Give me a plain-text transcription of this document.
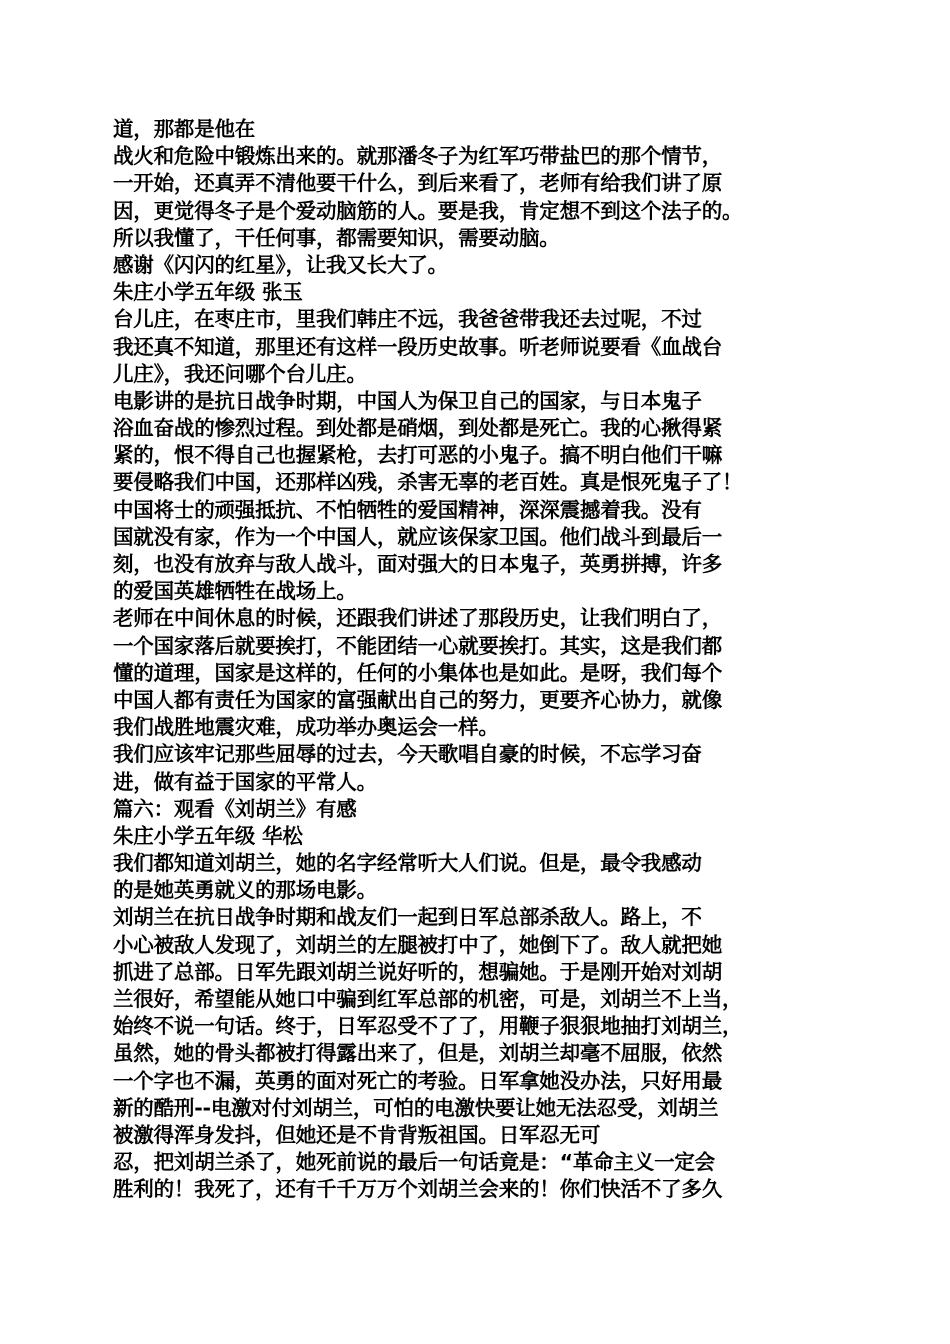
道，那都是他在
战火和危险中锻炼出来的。就那潘冬子为红军巧带盐巴的那个情节，
一开始，还真弄不清他要干什么，到后来看了，老师有给我们讲了原
因，更觉得冬子是个爱动脑筋的人。要是我，肯定想不到这个法子的。
所以我懂了，干任何事，都需要知识，需要动脑。
感谢《闪闪的红星》，让我又长大了。
朱庄小学五年级 张玉
台儿庄，在枣庄市，里我们韩庄不远，我爸爸带我还去过呢，不过
我还真不知道，那里还有这样一段历史故事。听老师说要看《血战台
儿庄》，我还问哪个台儿庄。
电影讲的是抗日战争时期，中国人为保卫自己的国家，与日本鬼子
浴血奋战的惨烈过程。到处都是硝烟，到处都是死亡。我的心揪得紧
紧的，恨不得自己也握紧枪，去打可恶的小鬼子。搞不明白他们干嘛
要侵略我们中国，还那样凶残，杀害无辜的老百姓。真是恨死鬼子了！
中国将士的顽强抵抗、不怕牺牲的爱国精神，深深震撼着我。没有
国就没有家，作为一个中国人，就应该保家卫国。他们战斗到最后一
刻，也没有放弃与敌人战斗，面对强大的日本鬼子，英勇拼搏，许多
的爱国英雄牺牲在战场上。
老师在中间休息的时候，还跟我们讲述了那段历史，让我们明白了，
一个国家落后就要挨打，不能团结一心就要挨打。其实，这是我们都
懂的道理，国家是这样的，任何的小集体也是如此。是呀，我们每个
中国人都有责任为国家的富强献出自己的努力，更要齐心协力，就像
我们战胜地震灾难，成功举办奥运会一样。
我们应该牢记那些屈辱的过去，今天歌唱自豪的时候，不忘学习奋
进，做有益于国家的平常人。
篇六：观看《刘胡兰》有感
朱庄小学五年级 华松
我们都知道刘胡兰，她的名字经常听大人们说。但是，最令我感动
的是她英勇就义的那场电影。
刘胡兰在抗日战争时期和战友们一起到日军总部杀敌人。路上，不
小心被敌人发现了，刘胡兰的左腿被打中了，她倒下了。敌人就把她
抓进了总部。日军先跟刘胡兰说好听的，想骗她。于是刚开始对刘胡
兰很好，希望能从她口中骗到红军总部的机密，可是，刘胡兰不上当，
始终不说一句话。终于，日军忍受不了了，用鞭子狠狠地抽打刘胡兰，
虽然，她的骨头都被打得露出来了，但是，刘胡兰却毫不屈服，依然
一个字也不漏，英勇的面对死亡的考验。日军拿她没办法，只好用最
新的酷刑--电激对付刘胡兰，可怕的电激快要让她无法忍受，刘胡兰
被激得浑身发抖，但她还是不肯背叛祖国。日军忍无可
忍，把刘胡兰杀了，她死前说的最后一句话竟是：“革命主义一定会
胜利的！我死了，还有千千万万个刘胡兰会来的！你们快活不了多久
